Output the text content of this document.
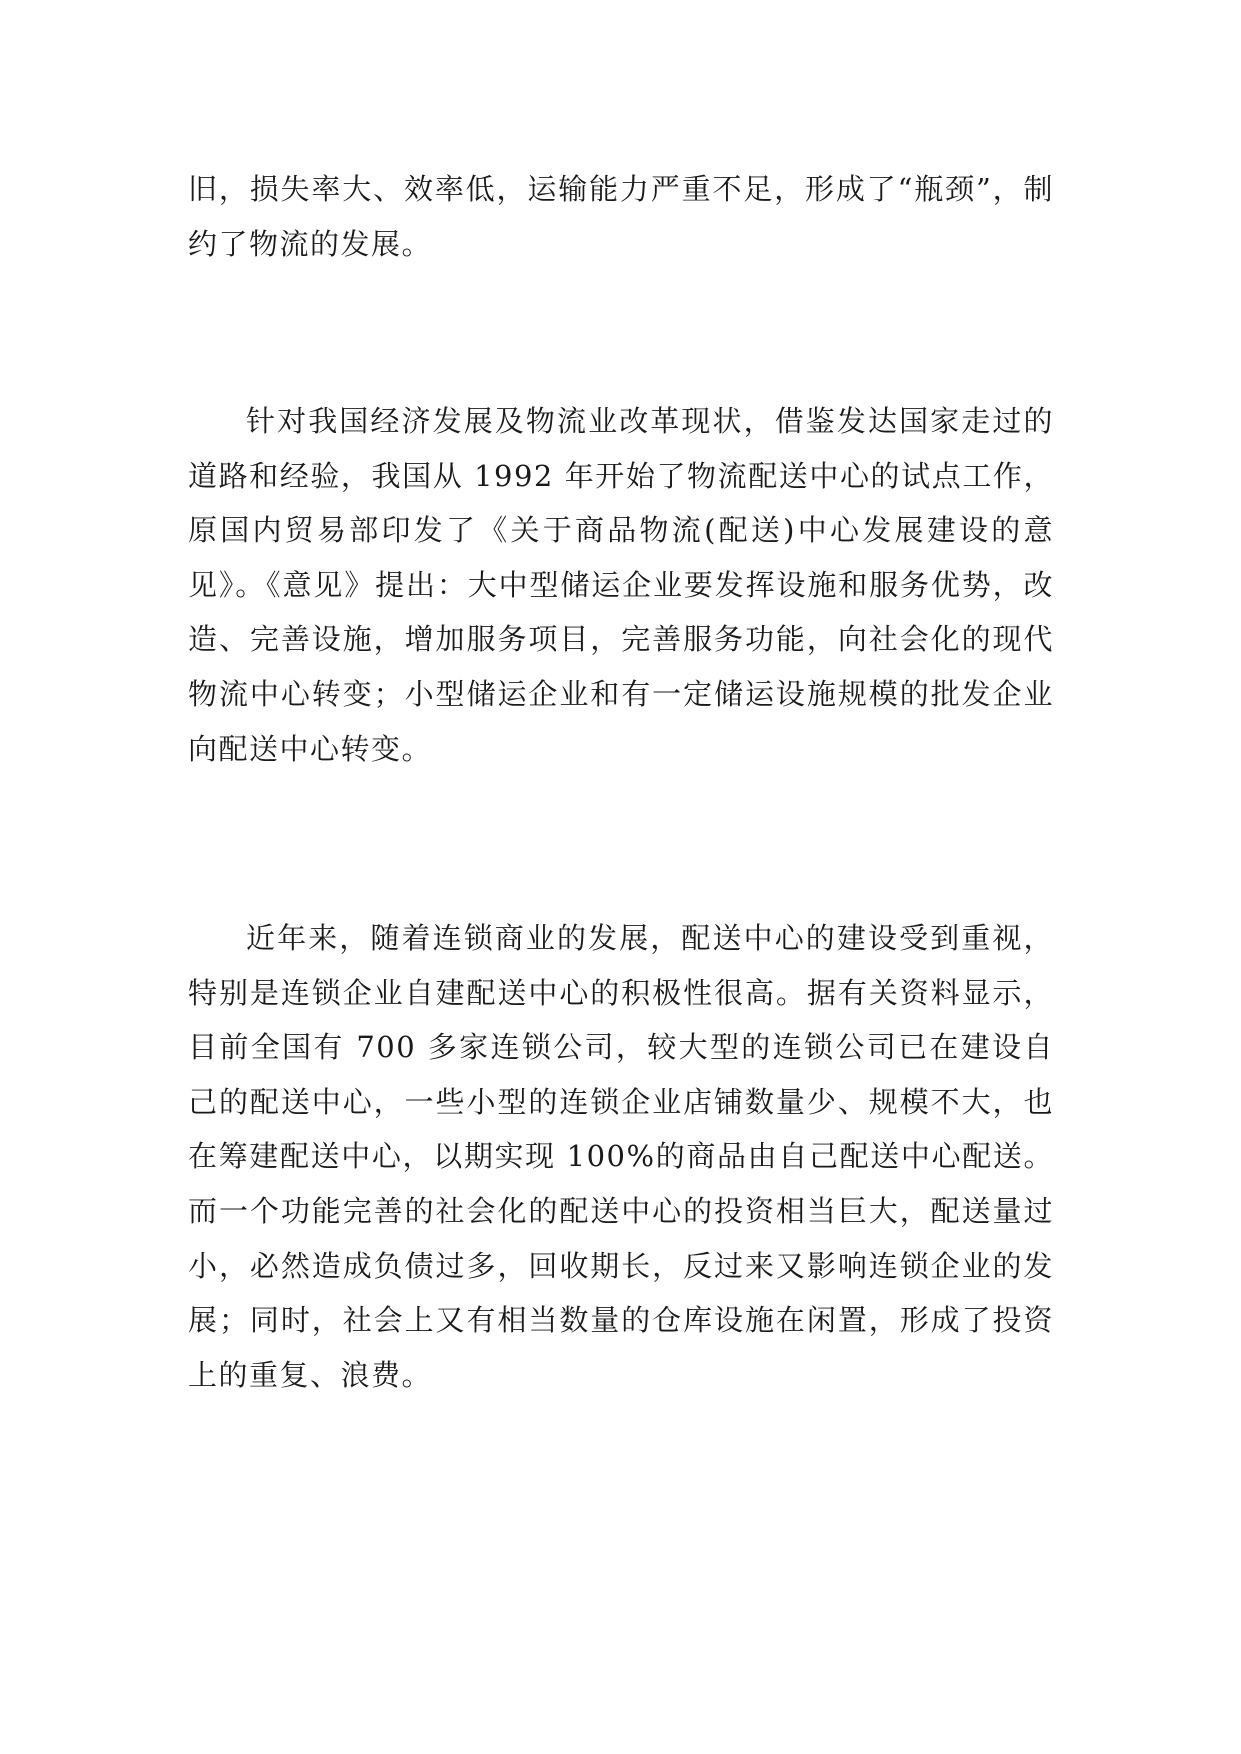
旧，损失率大、效率低，运输能力严重不足，形成了“瓶颈”，制约了物流的发展。

针对我国经济发展及物流业改革现状，借鉴发达国家走过的道路和经验，我国从 1992 年开始了物流配送中心的试点工作，原国内贸易部印发了《关于商品物流(配送)中心发展建设的意见》。《意见》提出：大中型储运企业要发挥设施和服务优势，改造、完善设施，增加服务项目，完善服务功能，向社会化的现代物流中心转变；小型储运企业和有一定储运设施规模的批发企业向配送中心转变。

近年来，随着连锁商业的发展，配送中心的建设受到重视，特别是连锁企业自建配送中心的积极性很高。据有关资料显示，目前全国有 700 多家连锁公司，较大型的连锁公司已在建设自己的配送中心，一些小型的连锁企业店铺数量少、规模不大，也在筹建配送中心，以期实现 100%的商品由自己配送中心配送。而一个功能完善的社会化的配送中心的投资相当巨大，配送量过小，必然造成负债过多，回收期长，反过来又影响连锁企业的发展；同时，社会上又有相当数量的仓库设施在闲置，形成了投资上的重复、浪费。
